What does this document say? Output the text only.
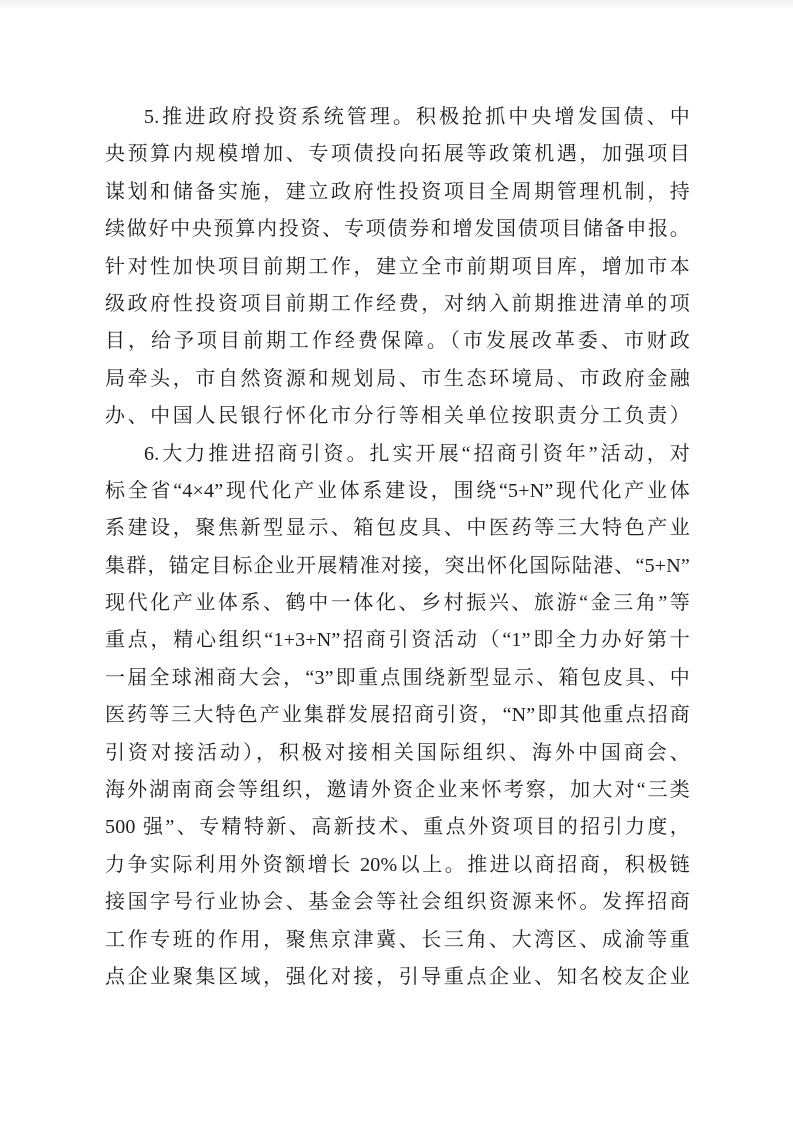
5.推进政府投资系统管理。积极抢抓中央增发国债、中
央预算内规模增加、专项债投向拓展等政策机遇，加强项目
谋划和储备实施，建立政府性投资项目全周期管理机制，持
续做好中央预算内投资、专项债券和增发国债项目储备申报。
针对性加快项目前期工作，建立全市前期项目库，增加市本
级政府性投资项目前期工作经费，对纳入前期推进清单的项
目，给予项目前期工作经费保障。（市发展改革委、市财政
局牵头，市自然资源和规划局、市生态环境局、市政府金融
办、中国人民银行怀化市分行等相关单位按职责分工负责）
6.大力推进招商引资。扎实开展“招商引资年”活动，对
标全省“4×4”现代化产业体系建设，围绕“5+N”现代化产业体
系建设，聚焦新型显示、箱包皮具、中医药等三大特色产业
集群，锚定目标企业开展精准对接，突出怀化国际陆港、“5+N”
现代化产业体系、鹤中一体化、乡村振兴、旅游“金三角”等
重点，精心组织“1+3+N”招商引资活动（“1”即全力办好第十
一届全球湘商大会，“3”即重点围绕新型显示、箱包皮具、中
医药等三大特色产业集群发展招商引资，“N”即其他重点招商
引资对接活动），积极对接相关国际组织、海外中国商会、
海外湖南商会等组织，邀请外资企业来怀考察，加大对“三类
500 强”、专精特新、高新技术、重点外资项目的招引力度，
力争实际利用外资额增长 20%以上。推进以商招商，积极链
接国字号行业协会、基金会等社会组织资源来怀。发挥招商
工作专班的作用，聚焦京津冀、长三角、大湾区、成渝等重
点企业聚集区域，强化对接，引导重点企业、知名校友企业
